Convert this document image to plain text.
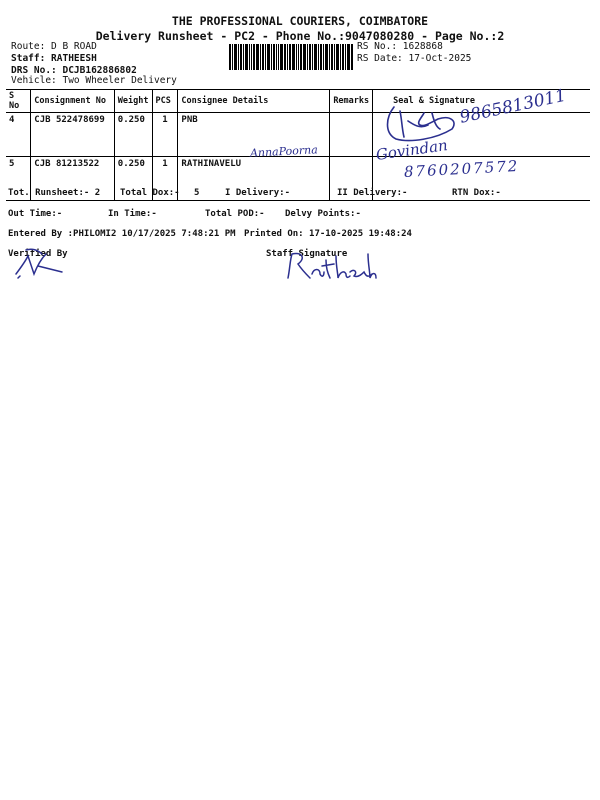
THE PROFESSIONAL COURIERS, COIMBATORE
Delivery Runsheet - PC2 - Phone No.:9047080280 - Page No.:2
Route: D B ROAD
Staff: RATHEESH
DRS No.: DCJB162886802
Vehicle: Two Wheeler Delivery
RS No.: 1628868
RS Date: 17-Oct-2025
S No	Consignment No	Weight	PCS	Consignee Details	Remarks	Seal & Signature
4	CJB 522478699	0.250	1	PNB		
5	CJB 81213522	0.250	1	RATHINAVELU		
9865813011
AnnaPoorna	Govindan
8760207572
Tot. Runsheet:- 2 Total Dox:- 5	I Delivery:-	II Delivery:-	RTN Dox:-
Out Time:-	In Time:-	Total POD:- Delvy Points:-
Entered By :PHILOMI2 10/17/2025 7:48:21 PM Printed On: 17-10-2025 19:48:24
Verified By	Staff Signature
